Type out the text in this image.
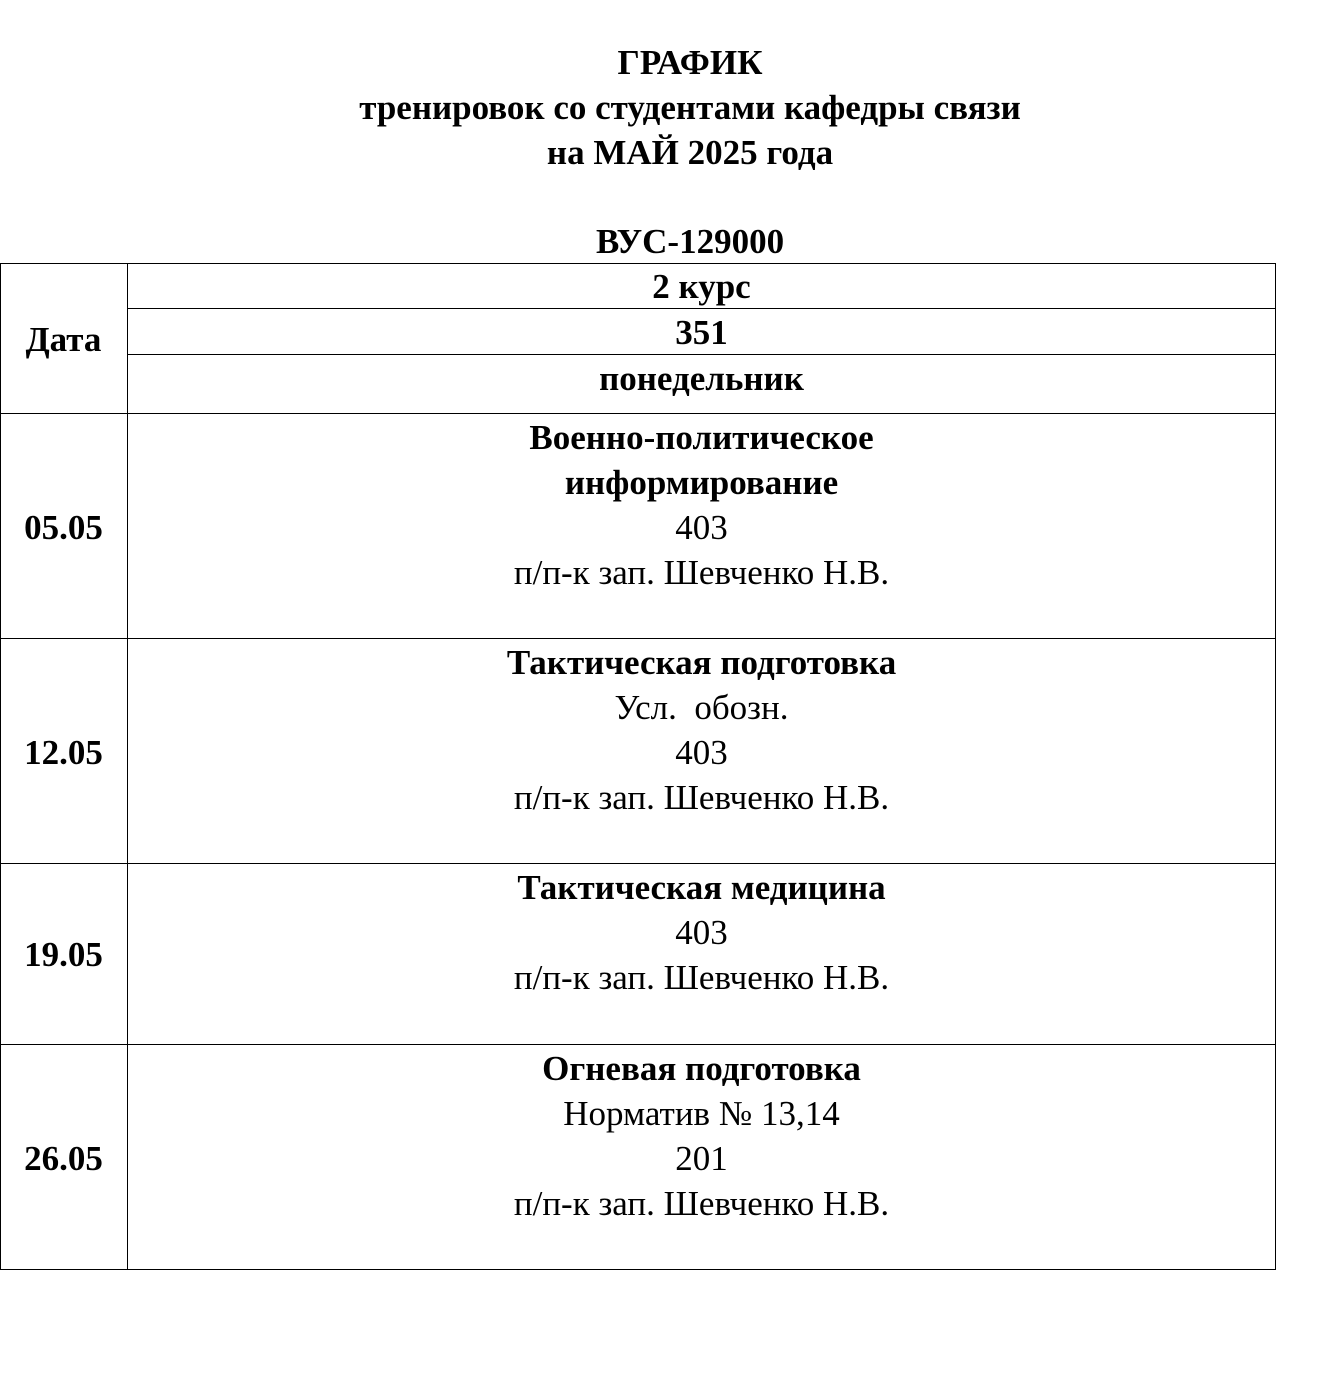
ГРАФИК
тренировок со студентами кафедры связи
на МАЙ 2025 года
ВУС-129000
Дата
2 курс
351
понедельник
05.05
Военно-политическое
информирование
403
п/п-к зап. Шевченко Н.В.
12.05
Тактическая подготовка
Усл.  обозн.
403
п/п-к зап. Шевченко Н.В.
19.05
Тактическая медицина
403
п/п-к зап. Шевченко Н.В.
26.05
Огневая подготовка
Норматив № 13,14
201
п/п-к зап. Шевченко Н.В.
